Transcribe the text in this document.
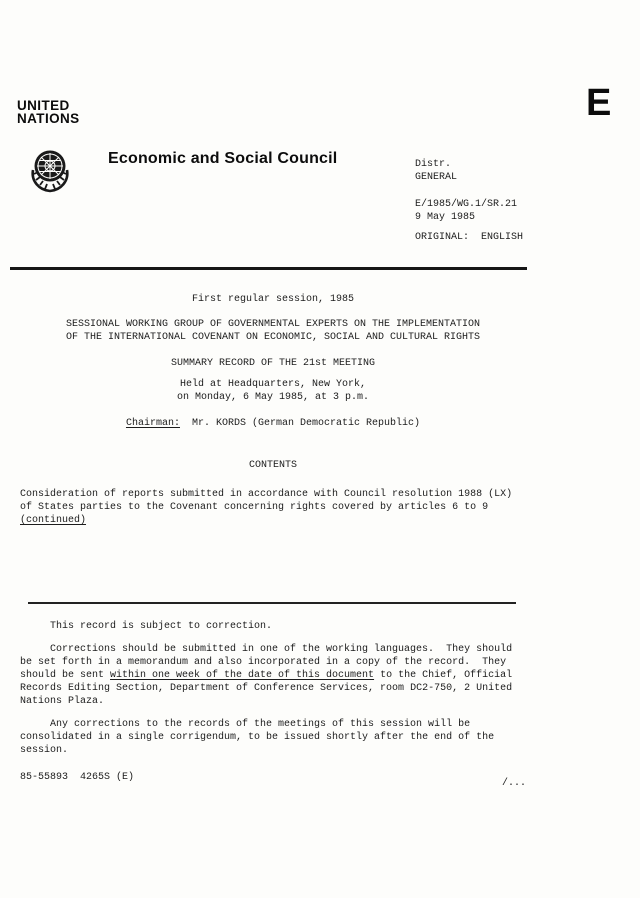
UNITED
NATIONS	E
Economic and Social Council	Distr.
GENERAL
E/1985/WG.1/SR.21
9 May 1985
ORIGINAL:  ENGLISH
First regular session, 1985
SESSIONAL WORKING GROUP OF GOVERNMENTAL EXPERTS ON THE IMPLEMENTATION
OF THE INTERNATIONAL COVENANT ON ECONOMIC, SOCIAL AND CULTURAL RIGHTS
SUMMARY RECORD OF THE 21st MEETING
Held at Headquarters, New York,
on Monday, 6 May 1985, at 3 p.m.
Chairman:  Mr. KORDS (German Democratic Republic)
CONTENTS
Consideration of reports submitted in accordance with Council resolution 1988 (LX) of States parties to the Covenant concerning rights covered by articles 6 to 9 (continued)

This record is subject to correction.

Corrections should be submitted in one of the working languages.  They should be set forth in a memorandum and also incorporated in a copy of the record.  They should be sent within one week of the date of this document to the Chief, Official Records Editing Section, Department of Conference Services, room DC2-750, 2 United Nations Plaza.

Any corrections to the records of the meetings of this session will be consolidated in a single corrigendum, to be issued shortly after the end of the session.

85-55893  4265S (E)
/...
